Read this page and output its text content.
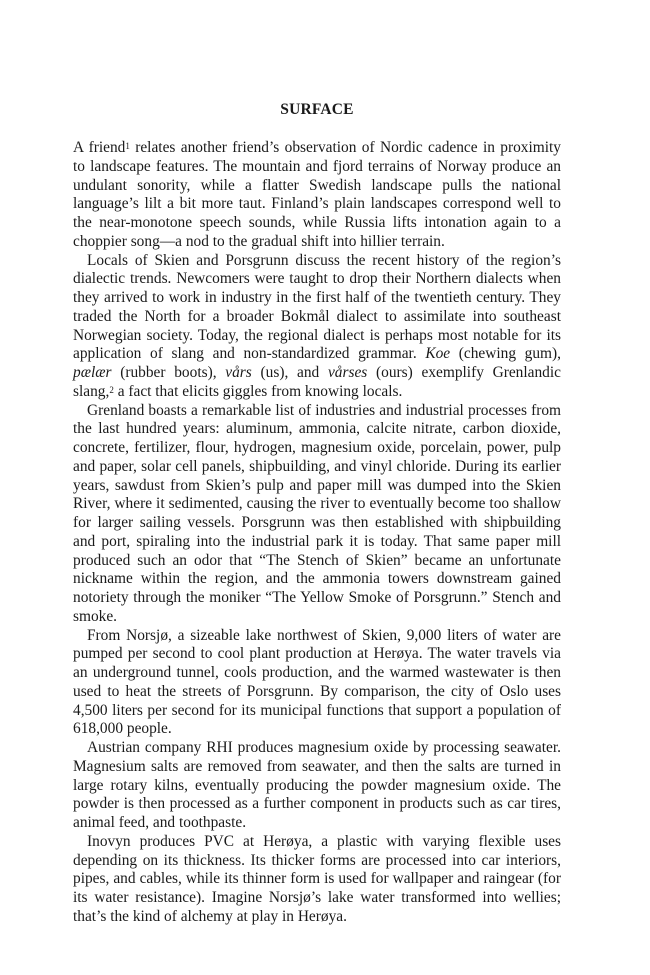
SURFACE

A friend$^1$ relates another friend’s observation of Nordic cadence in proximity to landscape features. The mountain and fjord terrains of Norway produce an undulant sonority, while a flatter Swedish landscape pulls the national language’s lilt a bit more taut. Finland’s plain landscapes correspond well to the near-monotone speech sounds, while Russia lifts intonation again to a choppier song—a nod to the gradual shift into hillier terrain.

Locals of Skien and Porsgrunn discuss the recent history of the region’s dialectic trends. Newcomers were taught to drop their Northern dialects when they arrived to work in industry in the first half of the twentieth century. They traded the North for a broader Bokmål dialect to assimilate into southeast Norwegian society. Today, the regional dialect is perhaps most notable for its application of slang and non-standardized grammar. Koe (chewing gum), pælær (rubber boots), vårs (us), and vårses (ours) exemplify Grenlandic slang,$^2$ a fact that elicits giggles from knowing locals.

Grenland boasts a remarkable list of industries and industrial processes from the last hundred years: aluminum, ammonia, calcite nitrate, carbon dioxide, concrete, fertilizer, flour, hydrogen, magnesium oxide, porcelain, power, pulp and paper, solar cell panels, shipbuilding, and vinyl chloride. During its earlier years, sawdust from Skien’s pulp and paper mill was dumped into the Skien River, where it sedimented, causing the river to eventually become too shallow for larger sailing vessels. Porsgrunn was then established with shipbuilding and port, spiraling into the industrial park it is today. That same paper mill produced such an odor that “The Stench of Skien” became an unfortunate nickname within the region, and the ammonia towers downstream gained notoriety through the moniker “The Yellow Smoke of Porsgrunn.” Stench and smoke.

From Norsjø, a sizeable lake northwest of Skien, 9,000 liters of water are pumped per second to cool plant production at Herøya. The water travels via an underground tunnel, cools production, and the warmed wastewater is then used to heat the streets of Porsgrunn. By comparison, the city of Oslo uses 4,500 liters per second for its municipal functions that support a population of 618,000 people.

Austrian company RHI produces magnesium oxide by processing seawater. Magnesium salts are removed from seawater, and then the salts are turned in large rotary kilns, eventually producing the powder magnesium oxide. The powder is then processed as a further component in products such as car tires, animal feed, and toothpaste.

Inovyn produces PVC at Herøya, a plastic with varying flexible uses depending on its thickness. Its thicker forms are processed into car interiors, pipes, and cables, while its thinner form is used for wallpaper and raingear (for its water resistance). Imagine Norsjø’s lake water transformed into wellies; that’s the kind of alchemy at play in Herøya.
